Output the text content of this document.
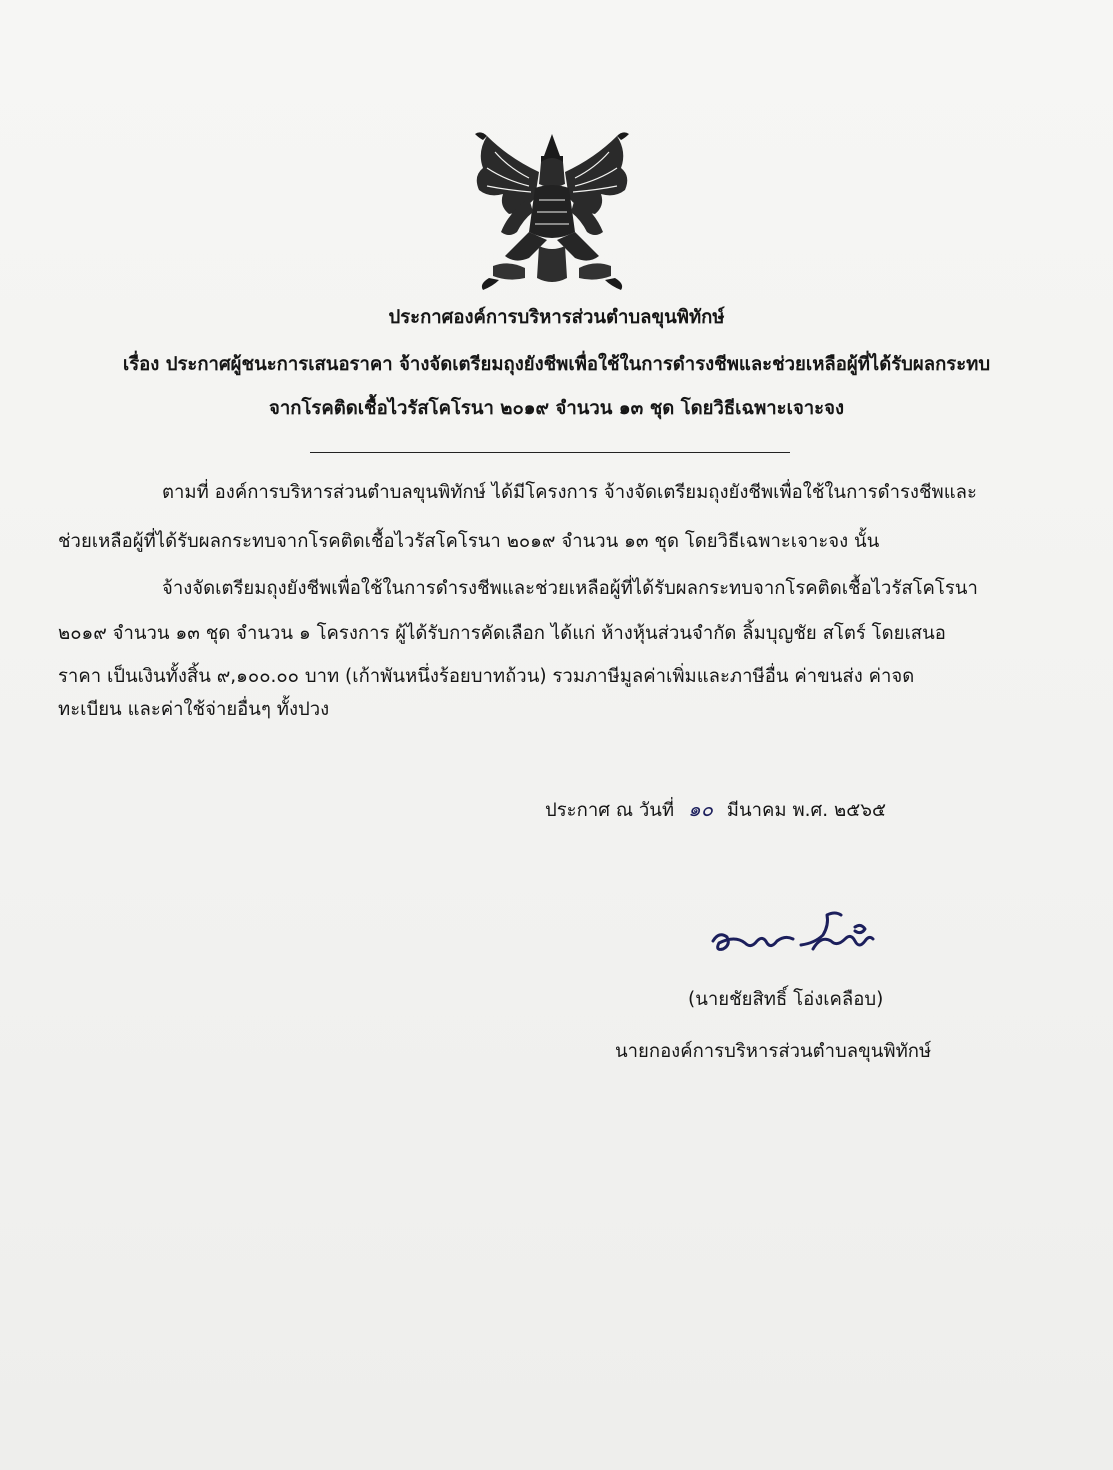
ประกาศองค์การบริหารส่วนตำบลขุนพิทักษ์
เรื่อง ประกาศผู้ชนะการเสนอราคา จ้างจัดเตรียมถุงยังชีพเพื่อใช้ในการดำรงชีพและช่วยเหลือผู้ที่ได้รับผลกระทบ
จากโรคติดเชื้อไวรัสโคโรนา ๒๐๑๙ จำนวน ๑๓ ชุด โดยวิธีเฉพาะเจาะจง
ตามที่ องค์การบริหารส่วนตำบลขุนพิทักษ์ ได้มีโครงการ จ้างจัดเตรียมถุงยังชีพเพื่อใช้ในการดำรงชีพและ
ช่วยเหลือผู้ที่ได้รับผลกระทบจากโรคติดเชื้อไวรัสโคโรนา ๒๐๑๙ จำนวน ๑๓ ชุด โดยวิธีเฉพาะเจาะจง นั้น
จ้างจัดเตรียมถุงยังชีพเพื่อใช้ในการดำรงชีพและช่วยเหลือผู้ที่ได้รับผลกระทบจากโรคติดเชื้อไวรัสโคโรนา
๒๐๑๙ จำนวน ๑๓ ชุด จำนวน ๑ โครงการ ผู้ได้รับการคัดเลือก ได้แก่ ห้างหุ้นส่วนจำกัด ลิ้มบุญชัย สโตร์ โดยเสนอ
ราคา เป็นเงินทั้งสิ้น ๙,๑๐๐.๐๐ บาท (เก้าพันหนึ่งร้อยบาทถ้วน) รวมภาษีมูลค่าเพิ่มและภาษีอื่น ค่าขนส่ง ค่าจด
ทะเบียน และค่าใช้จ่ายอื่นๆ ทั้งปวง
ประกาศ ณ วันที่ ๑๐ มีนาคม พ.ศ. ๒๕๖๕
(นายชัยสิทธิ์ โอ่งเคลือบ)
นายกองค์การบริหารส่วนตำบลขุนพิทักษ์
